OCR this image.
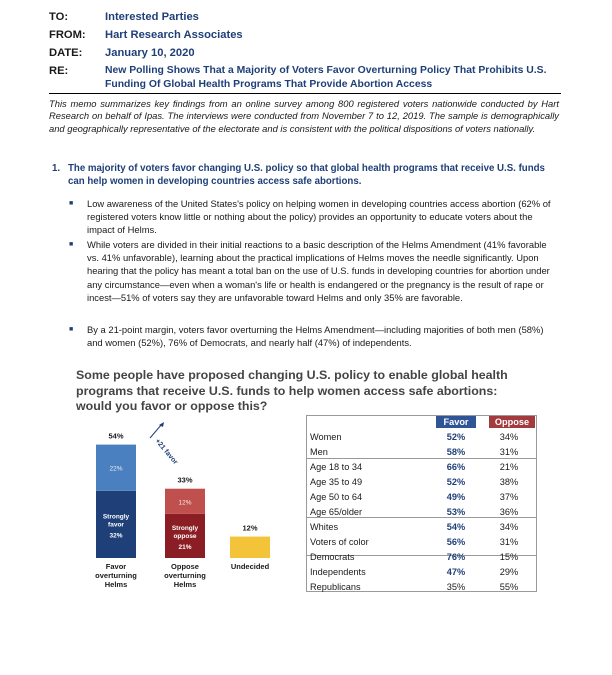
TO:	Interested Parties
FROM: Hart Research Associates
DATE: January 10, 2020
RE:	New Polling Shows That a Majority of Voters Favor Overturning Policy That Prohibits U.S.
Funding Of Global Health Programs That Provide Abortion Access
This memo summarizes key findings from an online survey among 800 registered voters nationwide conducted by Hart Research on behalf of Ipas. The interviews were conducted from November 7 to 12, 2019. The sample is demographically and geographically representative of the electorate and is consistent with the political dispositions of voters nationally.
1. The majority of voters favor changing U.S. policy so that global health programs that receive U.S. funds can help women in developing countries access safe abortions.
■ Low awareness of the United States's policy on helping women in developing countries access abortion (62% of registered voters know little or nothing about the policy) provides an opportunity to educate voters about the impact of Helms.
■ While voters are divided in their initial reactions to a basic description of the Helms Amendment (41% favorable vs. 41% unfavorable), learning about the practical implications of Helms moves the needle significantly. Upon hearing that the policy has meant a total ban on the use of U.S. funds in developing countries for abortion under any circumstance—even when a woman's life or health is endangered or the pregnancy is the result of rape or incest—51% of voters say they are unfavorable toward Helms and only 35% are favorable.
■ By a 21-point margin, voters favor overturning the Helms Amendment—including majorities of both men (58%) and women (52%), 76% of Democrats, and nearly half (47%) of independents.
Some people have proposed changing U.S. policy to enable global health programs that receive U.S. funds to help women access safe abortions: would you favor or oppose this?
22%
Strongly
favor
32%
54%
12%
Strongly
oppose
21%
33%
12%
Favor
overturning
Helms
Oppose
overturning
Helms
Undecided
+21 favor
Favor	Oppose
Women	52%	34%
Men	58%	31%
Age 18 to 34	66%	21%
Age 35 to 49	52%	38%
Age 50 to 64	49%	37%
Age 65/older	53%	36%
Whites	54%	34%
Voters of color	56%	31%
Democrats	76%	15%
Independents	47%	29%
Republicans	35%	55%
